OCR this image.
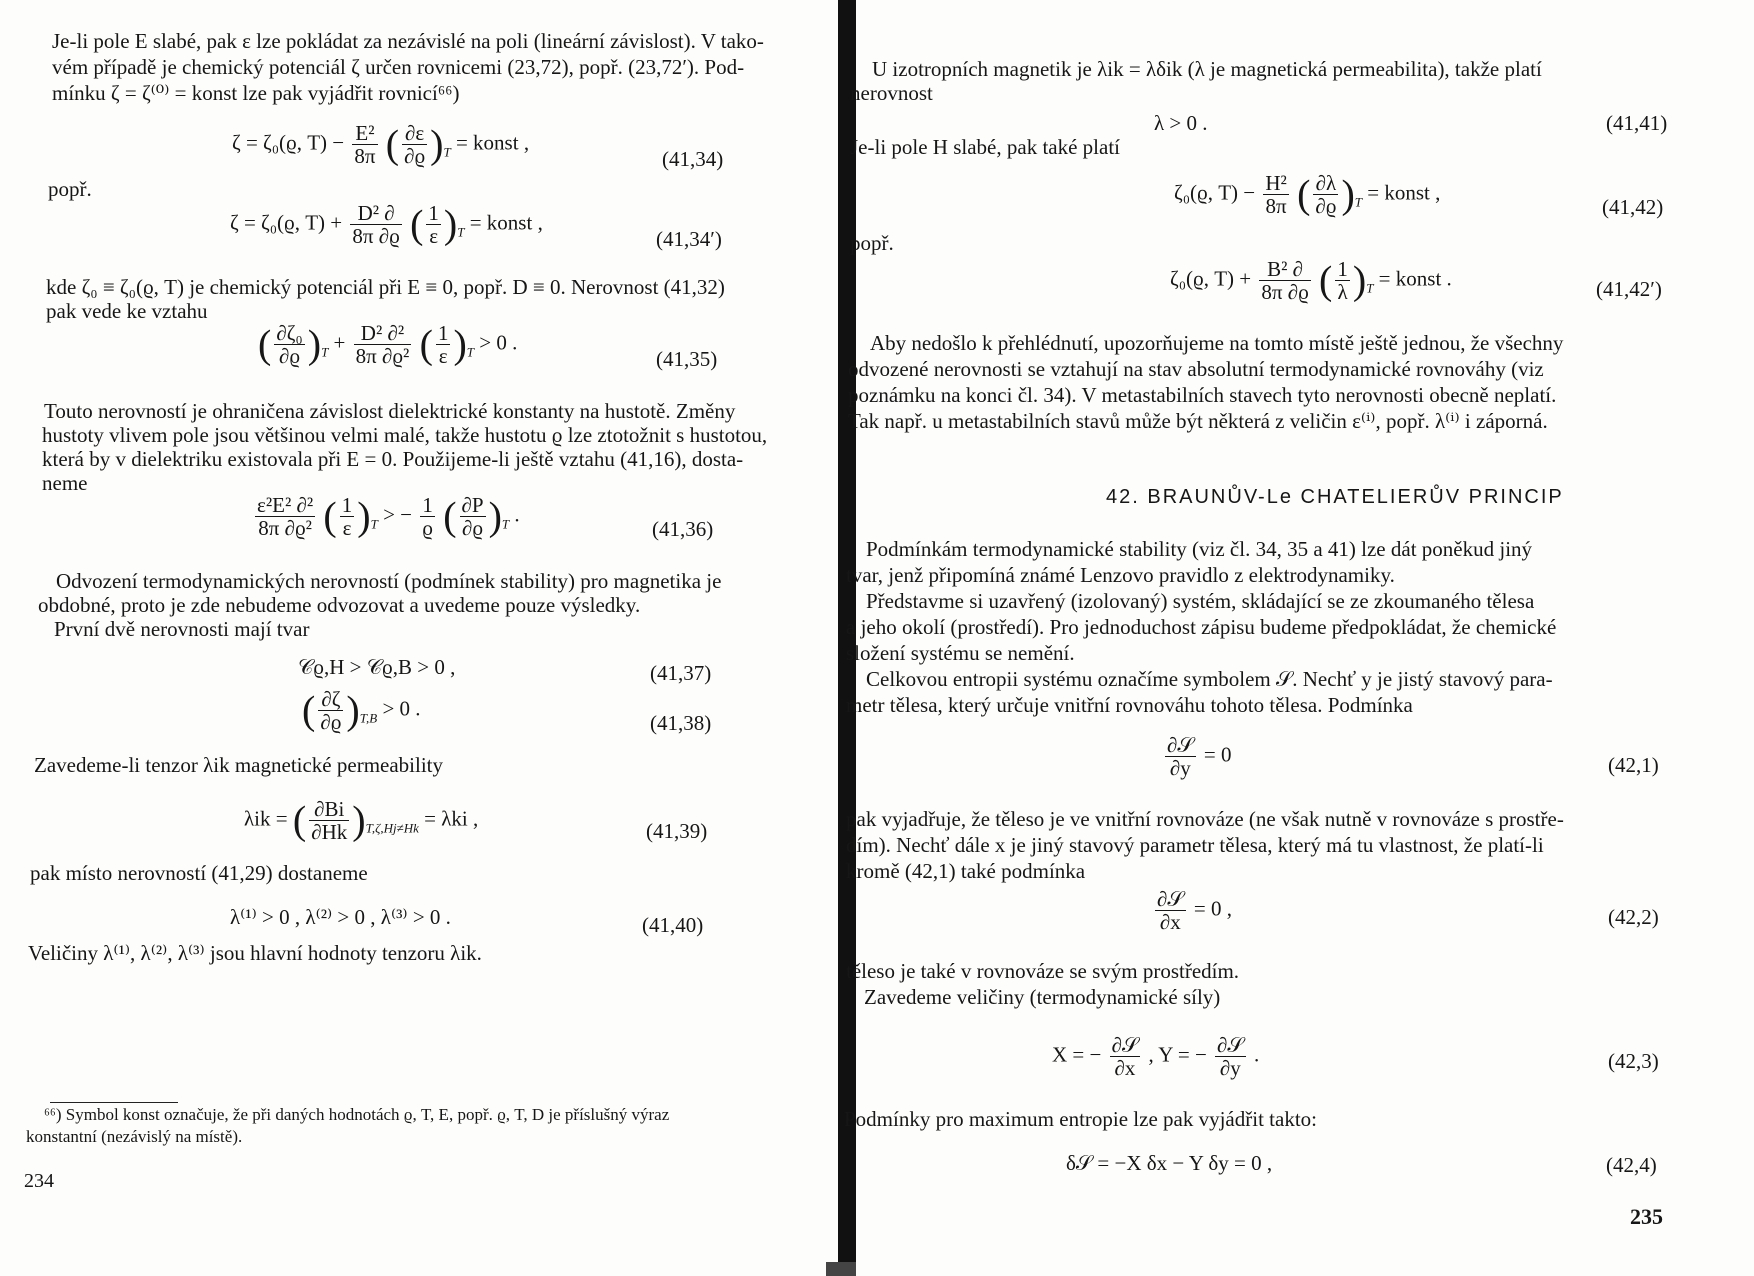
Je-li pole E slabé, pak ε lze pokládat za nezávislé na poli (lineární závislost). V tako-
vém případě je chemický potenciál ζ určen rovnicemi (23,72), popř. (23,72′). Pod-
mínku ζ = ζ⁽⁰⁾ = konst lze pak vyjádřit rovnicí⁶⁶)
ζ = ζ₀(ϱ, $T) - \frac{\text{E²}}{8\pi}$ ( $\frac{\partial\varepsilon}{\partial ϱ} )_T$ = konst ,
(41,34)
popř.
ζ = ζ₀(ϱ, $T) + \frac{\text{D² ∂}}{8\pi \partial ϱ}$ ( $\frac{1}{\varepsilon} )_T$ = konst ,
(41,34′)
kde ζ₀ ≡ ζ₀(ϱ, T) je chemický potenciál při E ≡ 0, popř. D ≡ 0. Nerovnost (41,32)
pak vede ke vztahu
( $\frac{\text{∂ζ₀}}{\partial ϱ} )_T + \frac{\text{D² ∂²}}{\text{8π ∂ϱ²}}$ ( $\frac{1}{\varepsilon} )_T > 0$ .
(41,35)
Touto nerovností je ohraničena závislost dielektrické konstanty na hustotě. Změny
hustoty vlivem pole jsou většinou velmi malé, takže hustotu ϱ lze ztotožnit s hustotou,
která by v dielektriku existovala při E = 0. Použijeme-li ještě vztahu (41,16), dosta-
neme
$\frac{\text{ε²E² ∂²}}{\text{8π ∂ϱ²}}$ ( $\frac{1}{\varepsilon} )_T$ > − $\frac{1}{ϱ}$ ( $\frac{\partial P}{\partial ϱ} )_T$ .
(41,36)
Odvození termodynamických nerovností (podmínek stability) pro magnetika je
obdobné, proto je zde nebudeme odvozovat a uvedeme pouze výsledky.
První dvě nerovnosti mají tvar
𝒞ϱ,H > 𝒞ϱ,B > 0 ,	(41,37)
( $\frac{\partial\zeta}{\partial ϱ} )_{T,B} > 0$ .
(41,38)
Zavedeme-li tenzor λik magnetické permeability
λik = ( $\frac{\partial Bi}{\partial Hk} )_{T,\zeta,Hj\ne Hk} = \lambda ki$ ,
(41,39)
pak místo nerovností (41,29) dostaneme
λ⁽¹⁾ > 0 , λ⁽²⁾ > 0 , λ⁽³⁾ > 0 .	(41,40)
Veličiny λ⁽¹⁾, λ⁽²⁾, λ⁽³⁾ jsou hlavní hodnoty tenzoru λik.
⁶⁶) Symbol konst označuje, že při daných hodnotách ϱ, T, E, popř. ϱ, T, D je příslušný výraz
konstantní (nezávislý na místě).
234
U izotropních magnetik je λik = λδik (λ je magnetická permeabilita), takže platí
nerovnost
λ > 0 .	(41,41)
Je-li pole H slabé, pak také platí
ζ₀(ϱ, $T) - \frac{\text{H²}}{8\pi}$ ( $\frac{\partial\lambda}{\partial ϱ} )_T$ = konst ,
(41,42)
popř.
ζ₀(ϱ, $T) + \frac{\text{B² ∂}}{8\pi \partial ϱ}$ ( $\frac{1}{\lambda} )_T$ = konst .	(41,42′)
Aby nedošlo k přehlédnutí, upozorňujeme na tomto místě ještě jednou, že všechny
odvozené nerovnosti se vztahují na stav absolutní termodynamické rovnováhy (viz
poznámku na konci čl. 34). V metastabilních stavech tyto nerovnosti obecně neplatí.
Tak např. u metastabilních stavů může být některá z veličin ε⁽ⁱ⁾, popř. λ⁽ⁱ⁾ i záporná.
42. BRAUNŮV-Le CHATELIERŮV PRINCIP
Podmínkám termodynamické stability (viz čl. 34, 35 a 41) lze dát poněkud jiný
tvar, jenž připomíná známé Lenzovo pravidlo z elektrodynamiky.
Představme si uzavřený (izolovaný) systém, skládající se ze zkoumaného tělesa
a jeho okolí (prostředí). Pro jednoduchost zápisu budeme předpokládat, že chemické
složení systému se nemění.
Celkovou entropii systému označíme symbolem 𝒮. Nechť y je jistý stavový para-
metr tělesa, který určuje vnitřní rovnováhu tohoto tělesa. Podmínka
$\frac{\text{∂𝒮}}{\partial y} = 0$	(42,1)
pak vyjadřuje, že těleso je ve vnitřní rovnováze (ne však nutně v rovnováze s prostře-
dím). Nechť dále x je jiný stavový parametr tělesa, který má tu vlastnost, že platí-li
kromě (42,1) také podmínka
$\frac{\text{∂𝒮}}{\partial x} = 0$ ,	(42,2)
těleso je také v rovnováze se svým prostředím.
Zavedeme veličiny (termodynamické síly)
X = − $\frac{\text{∂𝒮}}{\partial x}$ , Y = − $\frac{\text{∂𝒮}}{\partial y}$ .	(42,3)
Podmínky pro maximum entropie lze pak vyjádřit takto:
δ𝒮 = −X δx − Y δy = 0 ,	(42,4)
235
